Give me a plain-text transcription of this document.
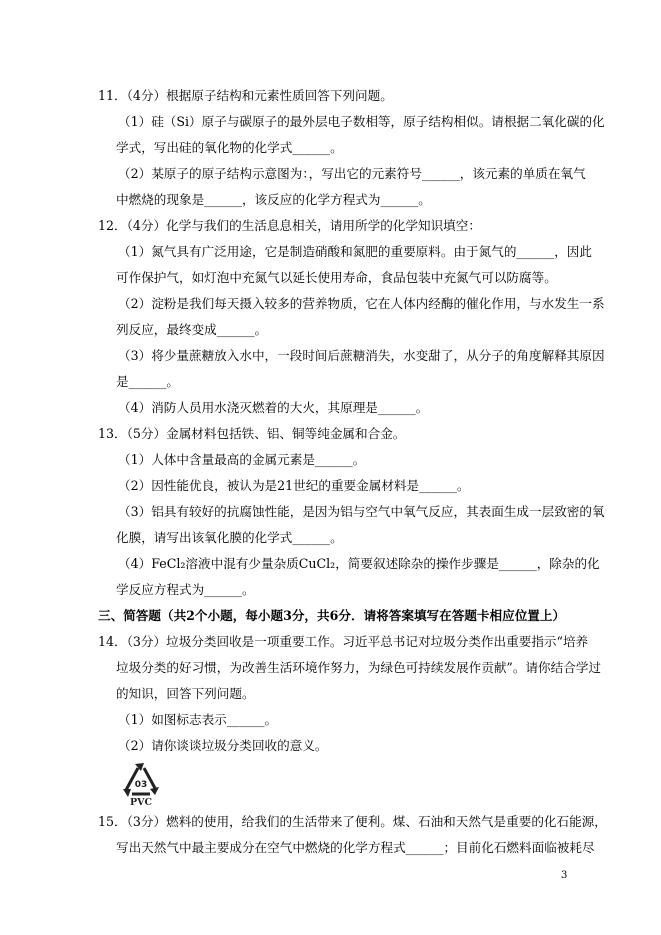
11．（4分）根据原子结构和元素性质回答下列问题。
（1）硅（Si）原子与碳原子的最外层电子数相等，原子结构相似。请根据二氧化碳的化
学式，写出硅的氧化物的化学式______。
（2）某原子的原子结构示意图为：，写出它的元素符号______，该元素的单质在氧气
中燃烧的现象是______，该反应的化学方程式为______。
12．（4分）化学与我们的生活息息相关，请用所学的化学知识填空：
（1）氮气具有广泛用途，它是制造硝酸和氮肥的重要原料。由于氮气的______，因此
可作保护气，如灯泡中充氮气以延长使用寿命，食品包装中充氮气可以防腐等。
（2）淀粉是我们每天摄入较多的营养物质，它在人体内经酶的催化作用，与水发生一系
列反应，最终变成______。
（3）将少量蔗糖放入水中，一段时间后蔗糖消失，水变甜了，从分子的角度解释其原因
是______。
（4）消防人员用水浇灭燃着的大火，其原理是______。
13．（5分）金属材料包括铁、铝、铜等纯金属和合金。
（1）人体中含量最高的金属元素是______。
（2）因性能优良，被认为是21世纪的重要金属材料是______。
（3）铝具有较好的抗腐蚀性能，是因为铝与空气中氧气反应，其表面生成一层致密的氧
化膜，请写出该氧化膜的化学式______。
（4）FeCl₂溶液中混有少量杂质CuCl₂，简要叙述除杂的操作步骤是______，除杂的化
学反应方程式为______。
三、简答题（共2个小题，每小题3分，共6分．请将答案填写在答题卡相应位置上）
14．（3分）垃圾分类回收是一项重要工作。习近平总书记对垃圾分类作出重要指示“培养
垃圾分类的好习惯，为改善生活环境作努力，为绿色可持续发展作贡献”。请你结合学过
的知识，回答下列问题。
（1）如图标志表示______。
（2）请你谈谈垃圾分类回收的意义。
03
PVC
15．（3分）燃料的使用，给我们的生活带来了便利。煤、石油和天然气是重要的化石能源，
写出天然气中最主要成分在空气中燃烧的化学方程式______；目前化石燃料面临被耗尽
3
